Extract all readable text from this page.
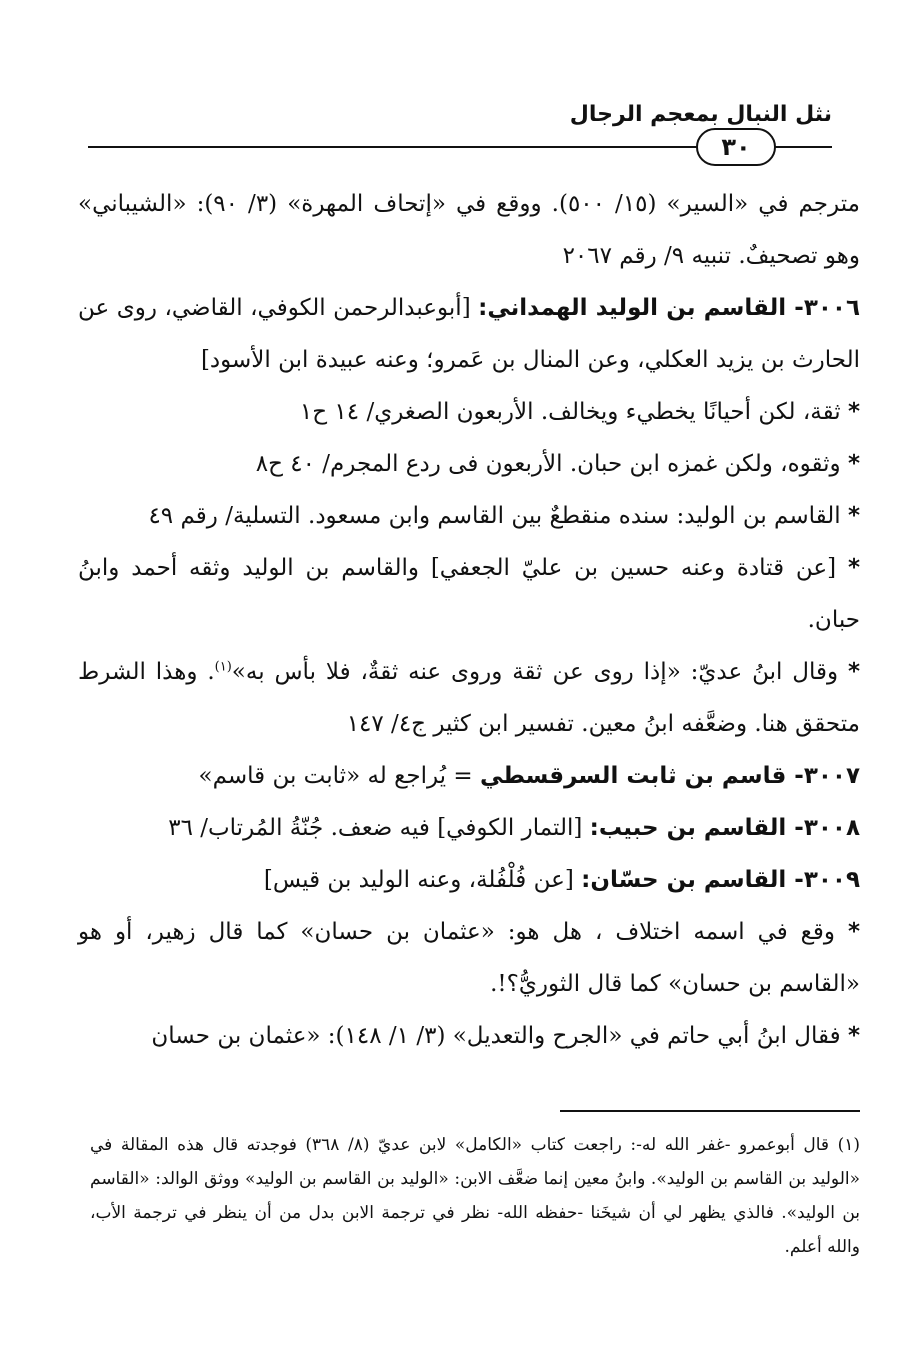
نثل النبال بمعجم الرجال
٣٠

مترجم في «السير» (١٥/ ٥٠٠). ووقع في «إتحاف المهرة» (٣/ ٩٠): «الشيباني» وهو تصحيفٌ. تنبيه ٩/ رقم ٢٠٦٧

٣٠٠٦- القاسم بن الوليد الهمداني: [أبوعبدالرحمن الكوفي، القاضي، روى عن الحارث بن يزيد العكلي، وعن المنال بن عَمرو؛ وعنه عبيدة ابن الأسود]

* ثقة، لكن أحيانًا يخطيء ويخالف. الأربعون الصغري/ ١٤ ح١

* وثقوه، ولكن غمزه ابن حبان. الأربعون فى ردع المجرم/ ٤٠ ح٨

* القاسم بن الوليد: سنده منقطعٌ بين القاسم وابن مسعود. التسلية/ رقم ٤٩

* [عن قتادة وعنه حسين بن عليّ الجعفي] والقاسم بن الوليد وثقه أحمد وابنُ حبان.

* وقال ابنُ عديّ: «إذا روى عن ثقة وروى عنه ثقةٌ، فلا بأس به»$^{(١)}$. وهذا الشرط متحقق هنا. وضعَّفه ابنُ معين. تفسير ابن كثير ج٤/ ١٤٧

٣٠٠٧- قاسم بن ثابت السرقسطي = يُراجع له «ثابت بن قاسم»

٣٠٠٨- القاسم بن حبيب: [التمار الكوفي] فيه ضعف. جُنّةُ المُرتاب/ ٣٦

٣٠٠٩- القاسم بن حسّان: [عن فُلْفُلة، وعنه الوليد بن قيس]

* وقع في اسمه اختلاف ، هل هو: «عثمان بن حسان» كما قال زهير، أو هو «القاسم بن حسان» كما قال الثوريُّ؟!.

* فقال ابنُ أبي حاتم في «الجرح والتعديل» (٣/ ١/ ١٤٨): «عثمان بن حسان

(١) قال أبوعمرو -غفر الله له-: راجعت كتاب «الكامل» لابن عديّ (٨/ ٣٦٨) فوجدته قال هذه المقالة في «الوليد بن القاسم بن الوليد». وابنُ معين إنما ضعَّف الابن: «الوليد بن القاسم بن الوليد» ووثق الوالد: «القاسم بن الوليد». فالذي يظهر لي أن شيخَنا -حفظه الله- نظر في ترجمة الابن بدل من أن ينظر في ترجمة الأب، والله أعلم.
